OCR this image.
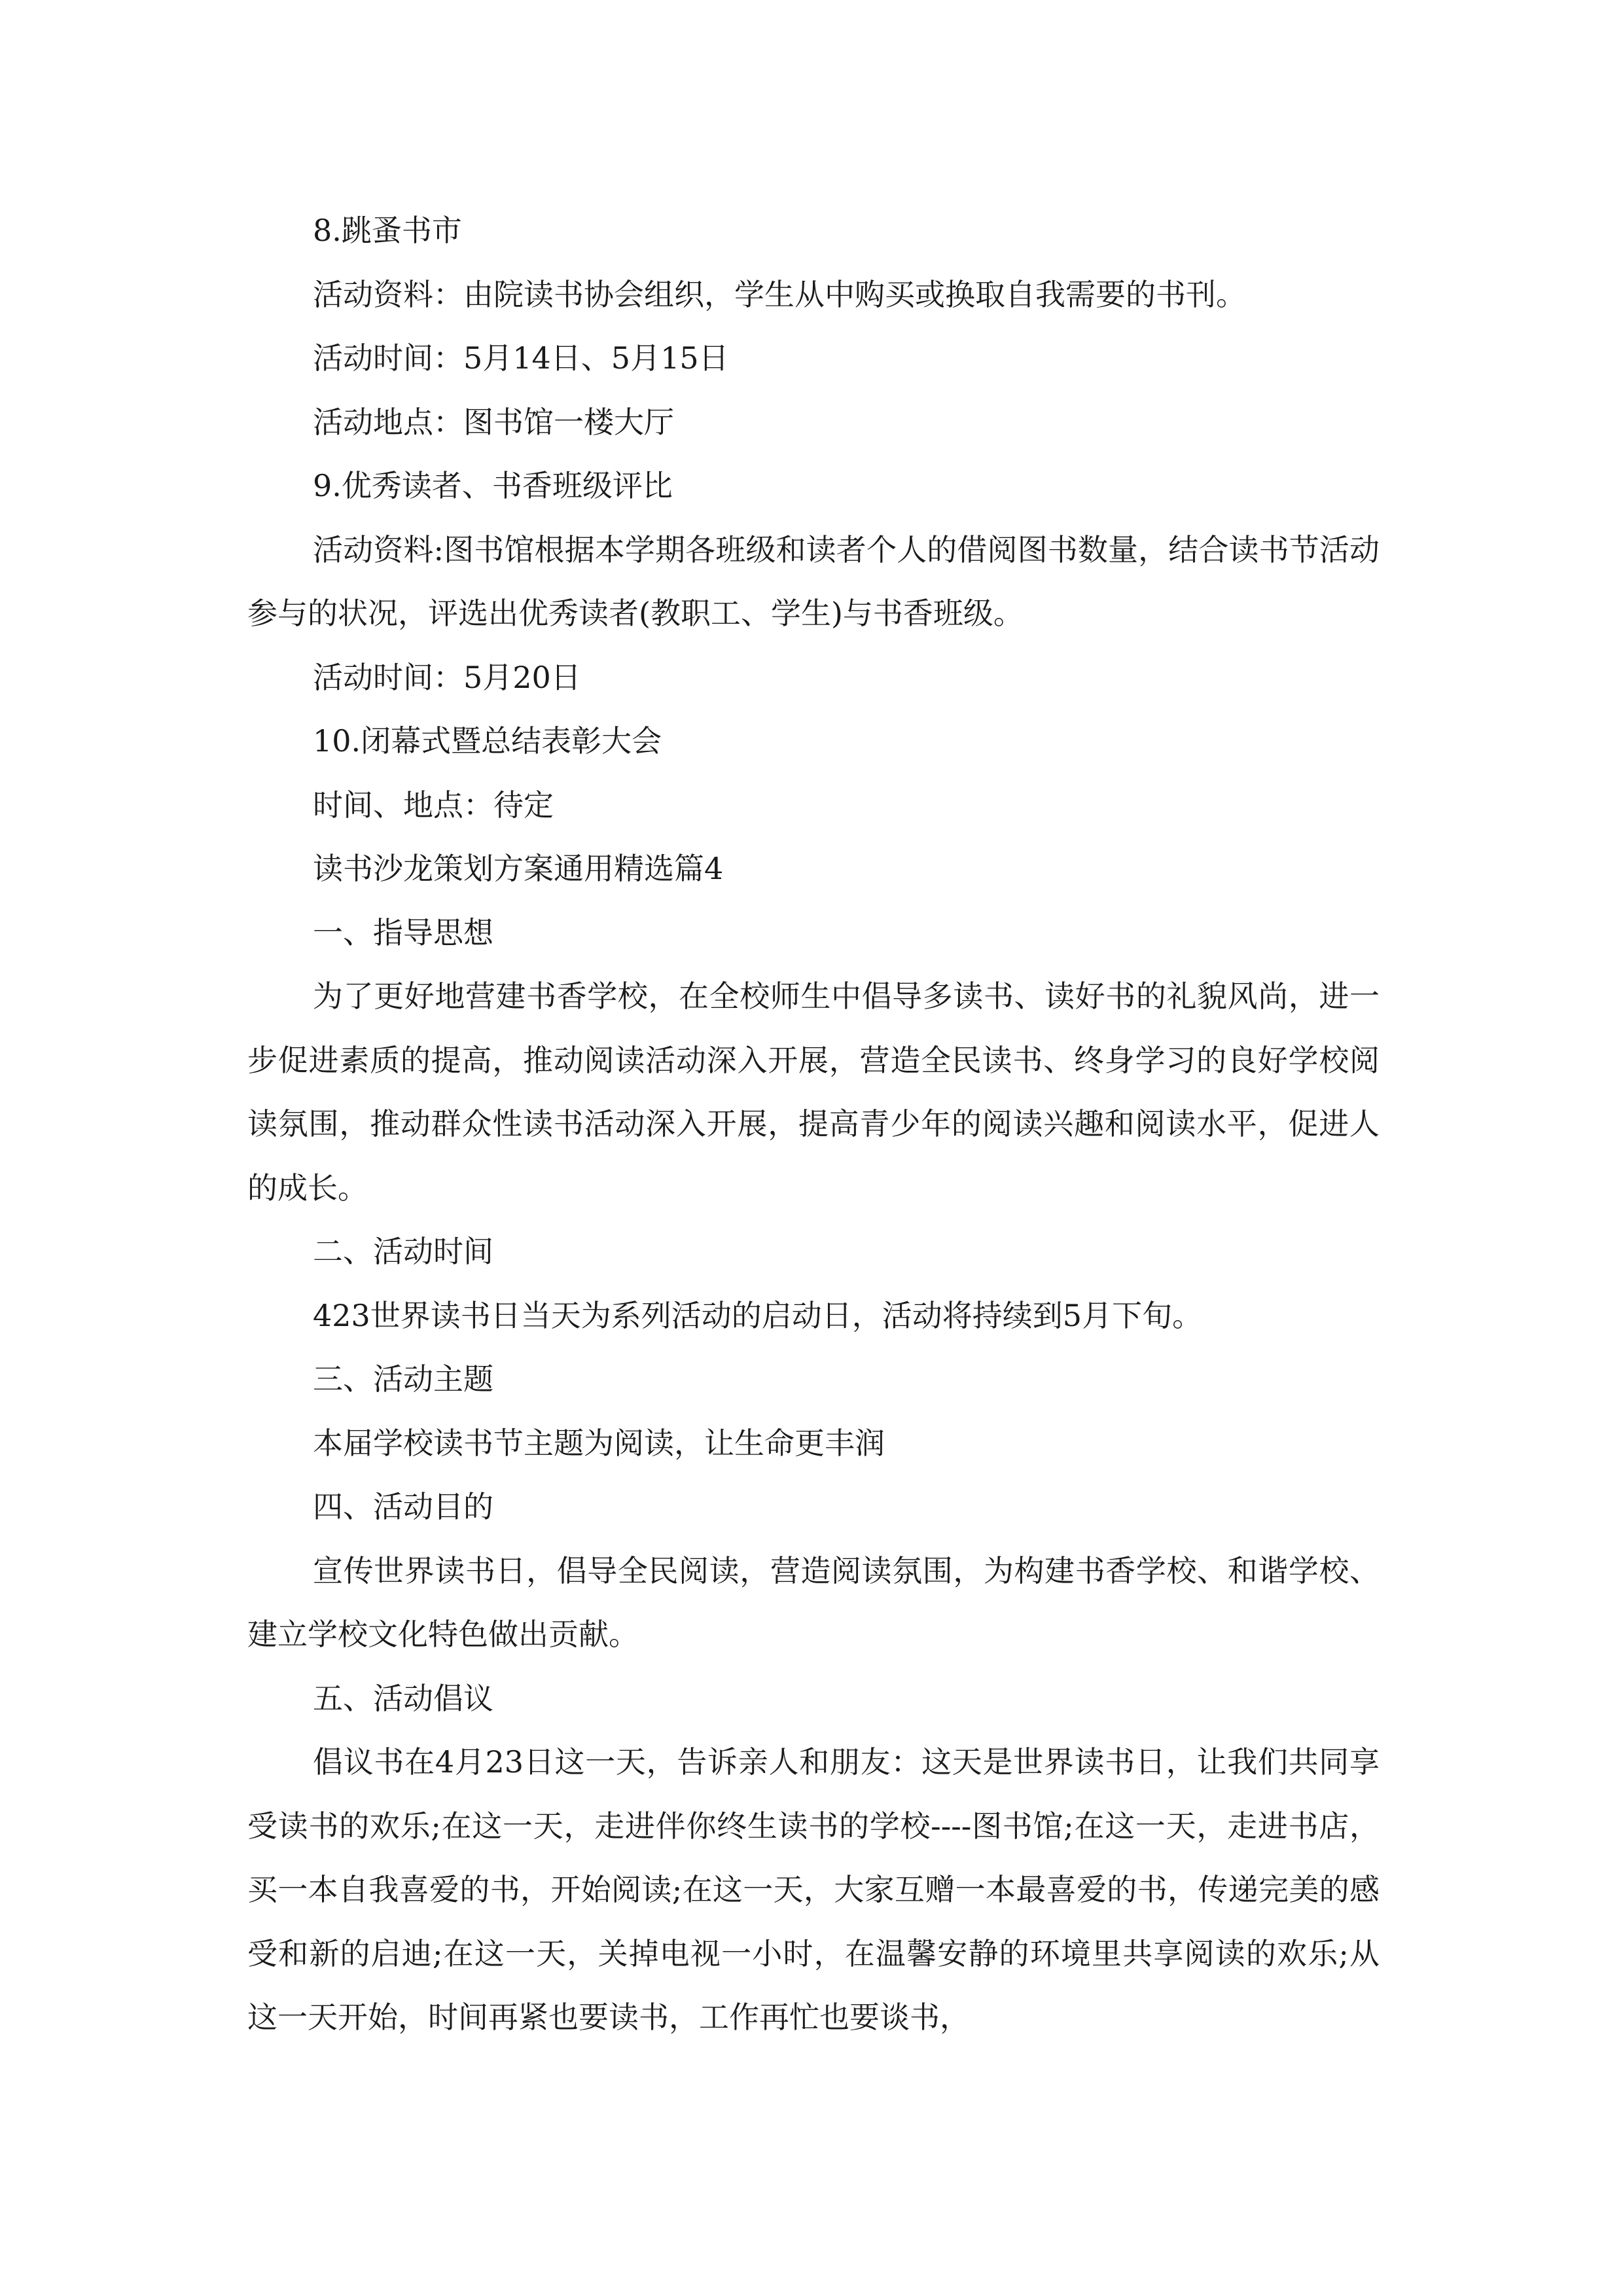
8.跳蚤书市
活动资料：由院读书协会组织，学生从中购买或换取自我需要的书刊。
活动时间：5月14日、5月15日
活动地点：图书馆一楼大厅
9.优秀读者、书香班级评比

活动资料:图书馆根据本学期各班级和读者个人的借阅图书数量，结合读书节活动参与的状况，评选出优秀读者(教职工、学生)与书香班级。

活动时间：5月20日
10.闭幕式暨总结表彰大会
时间、地点：待定
读书沙龙策划方案通用精选篇4
一、指导思想

为了更好地营建书香学校，在全校师生中倡导多读书、读好书的礼貌风尚，进一步促进素质的提高，推动阅读活动深入开展，营造全民读书、终身学习的良好学校阅读氛围，推动群众性读书活动深入开展，提高青少年的阅读兴趣和阅读水平，促进人的成长。

二、活动时间
423世界读书日当天为系列活动的启动日，活动将持续到5月下旬。
三、活动主题
本届学校读书节主题为阅读，让生命更丰润
四、活动目的

宣传世界读书日，倡导全民阅读，营造阅读氛围，为构建书香学校、和谐学校、建立学校文化特色做出贡献。

五、活动倡议

倡议书在4月23日这一天，告诉亲人和朋友：这天是世界读书日，让我们共同享受读书的欢乐;在这一天，走进伴你终生读书的学校----图书馆;在这一天，走进书店，买一本自我喜爱的书，开始阅读;在这一天，大家互赠一本最喜爱的书，传递完美的感受和新的启迪;在这一天，关掉电视一小时，在温馨安静的环境里共享阅读的欢乐;从这一天开始，时间再紧也要读书，工作再忙也要谈书，
